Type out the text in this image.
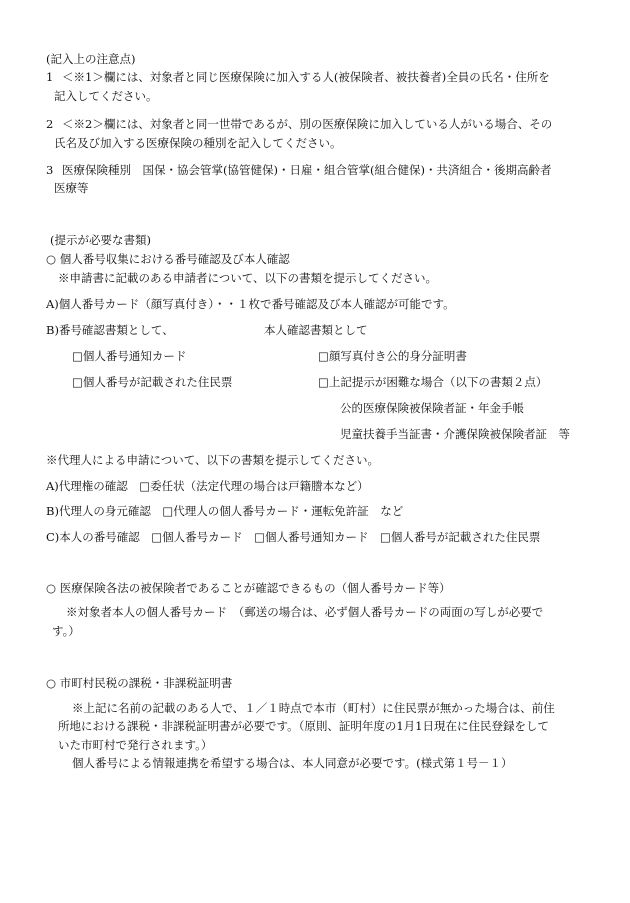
(記入上の注意点)
1 ＜※1＞欄には、対象者と同じ医療保険に加入する人(被保険者、被扶養者)全員の氏名・住所を
記入してください。
2 ＜※2＞欄には、対象者と同一世帯であるが、別の医療保険に加入している人がいる場合、その
氏名及び加入する医療保険の種別を記入してください。
3 医療保険種別　国保・協会管掌(協管健保)・日雇・組合管掌(組合健保)・共済組合・後期高齢者
医療等
(提示が必要な書類)
○ 個人番号収集における番号確認及び本人確認
※申請書に記載のある申請者について、以下の書類を提示してください。
A)個人番号カード（顔写真付き）・・１枚で番号確認及び本人確認が可能です。
B)番号確認書類として、	本人確認書類として
□個人番号通知カード	□顔写真付き公的身分証明書
□個人番号が記載された住民票	□上記提示が困難な場合（以下の書類２点）
公的医療保険被保険者証・年金手帳
児童扶養手当証書・介護保険被保険者証　等
※代理人による申請について、以下の書類を提示してください。
A)代理権の確認　□委任状（法定代理の場合は戸籍謄本など）
B)代理人の身元確認　□代理人の個人番号カード・運転免許証　など
C)本人の番号確認　□個人番号カード　□個人番号通知カード　□個人番号が記載された住民票
○ 医療保険各法の被保険者であることが確認できるもの（個人番号カード等）
※対象者本人の個人番号カード　（郵送の場合は、必ず個人番号カードの両面の写しが必要で
す。）
○ 市町村民税の課税・非課税証明書
※上記に名前の記載のある人で、１／１時点で本市（町村）に住民票が無かった場合は、前住
所地における課税・非課税証明書が必要です。（原則、証明年度の1月1日現在に住民登録をして
いた市町村で発行されます。）
個人番号による情報連携を希望する場合は、本人同意が必要です。(様式第１号－１）
